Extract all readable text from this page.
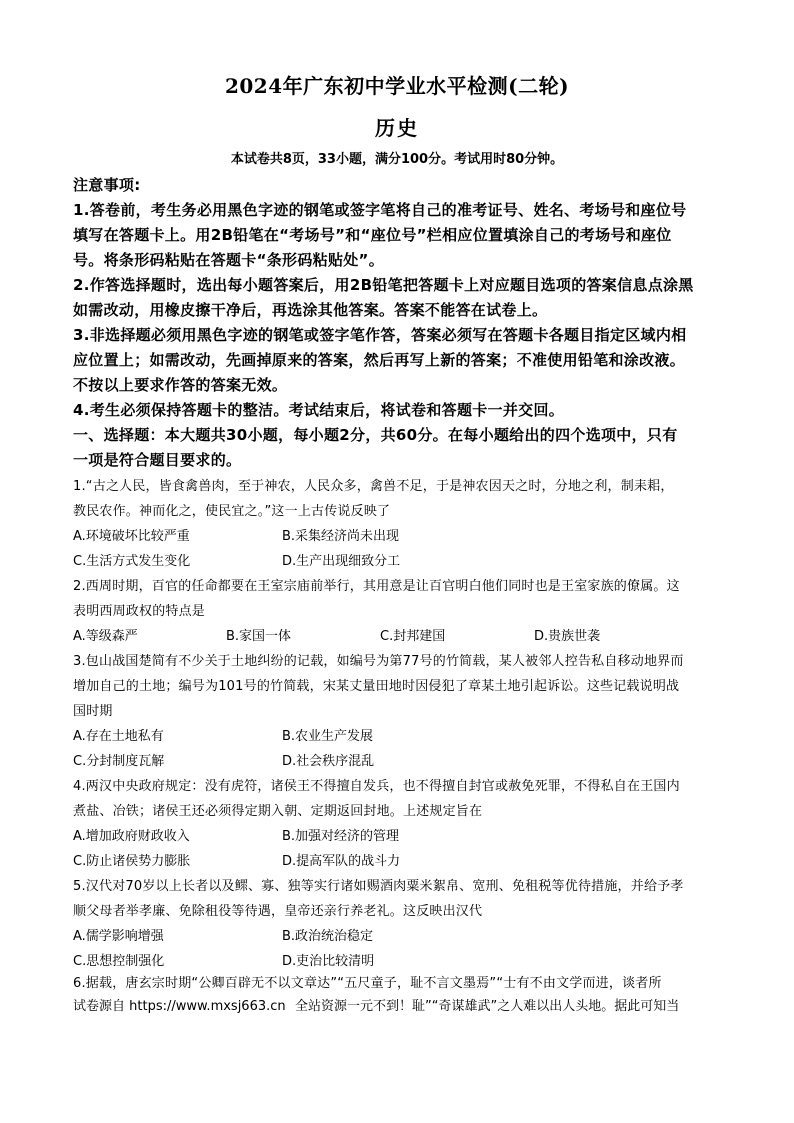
2024年广东初中学业水平检测(二轮)
历史
本试卷共8页，33小题，满分100分。考试用时80分钟。
注意事项:
1.答卷前，考生务必用黑色字迹的钢笔或签字笔将自己的准考证号、姓名、考场号和座位号
填写在答题卡上。用2B铅笔在“考场号”和“座位号”栏相应位置填涂自己的考场号和座位
号。将条形码粘贴在答题卡“条形码粘贴处”。
2.作答选择题时，选出每小题答案后，用2B铅笔把答题卡上对应题目选项的答案信息点涂黑
如需改动，用橡皮擦干净后，再选涂其他答案。答案不能答在试卷上。
3.非选择题必须用黑色字迹的钢笔或签字笔作答，答案必须写在答题卡各题目指定区域内相
应位置上；如需改动，先画掉原来的答案，然后再写上新的答案；不准使用铅笔和涂改液。
不按以上要求作答的答案无效。
4.考生必须保持答题卡的整洁。考试结束后，将试卷和答题卡一并交回。
一、选择题：本大题共30小题，每小题2分，共60分。在每小题给出的四个选项中，只有
一项是符合题目要求的。
1.“古之人民，皆食禽兽肉，至于神农，人民众多，禽兽不足，于是神农因天之时，分地之利，制耒耜，
教民农作。神而化之，使民宜之。”这一上古传说反映了
A.环境破坏比较严重	B.采集经济尚未出现
C.生活方式发生变化	D.生产出现细致分工
2.西周时期，百官的任命都要在王室宗庙前举行，其用意是让百官明白他们同时也是王室家族的僚属。这
表明西周政权的特点是
A.等级森严	B.家国一体	C.封邦建国	D.贵族世袭
3.包山战国楚简有不少关于土地纠纷的记载，如编号为第77号的竹简载，某人被邻人控告私自移动地界而
增加自己的土地；编号为101号的竹简载，宋某丈量田地时因侵犯了章某土地引起诉讼。这些记载说明战
国时期
A.存在土地私有	B.农业生产发展
C.分封制度瓦解	D.社会秩序混乱
4.两汉中央政府规定：没有虎符，诸侯王不得擅自发兵，也不得擅自封官或赦免死罪，不得私自在王国内
煮盐、冶铁；诸侯王还必须得定期入朝、定期返回封地。上述规定旨在
A.增加政府财政收入	B.加强对经济的管理
C.防止诸侯势力膨胀	D.提高军队的战斗力
5.汉代对70岁以上长者以及鳏、寡、独等实行诸如赐酒肉粟米絮帛、宽刑、免租税等优待措施，并给予孝
顺父母者举孝廉、免除租役等待遇，皇帝还亲行养老礼。这反映出汉代
A.儒学影响增强	B.政治统治稳定
C.思想控制强化	D.吏治比较清明
6.据载，唐玄宗时期“公卿百辟无不以文章达”“五尺童子，耻不言文墨焉”“士有不由文学而进，谈者所
试卷源自 https://www.mxsj663.cn 全站资源一元不到！耻”“奇谋雄武”之人难以出人头地。据此可知当
